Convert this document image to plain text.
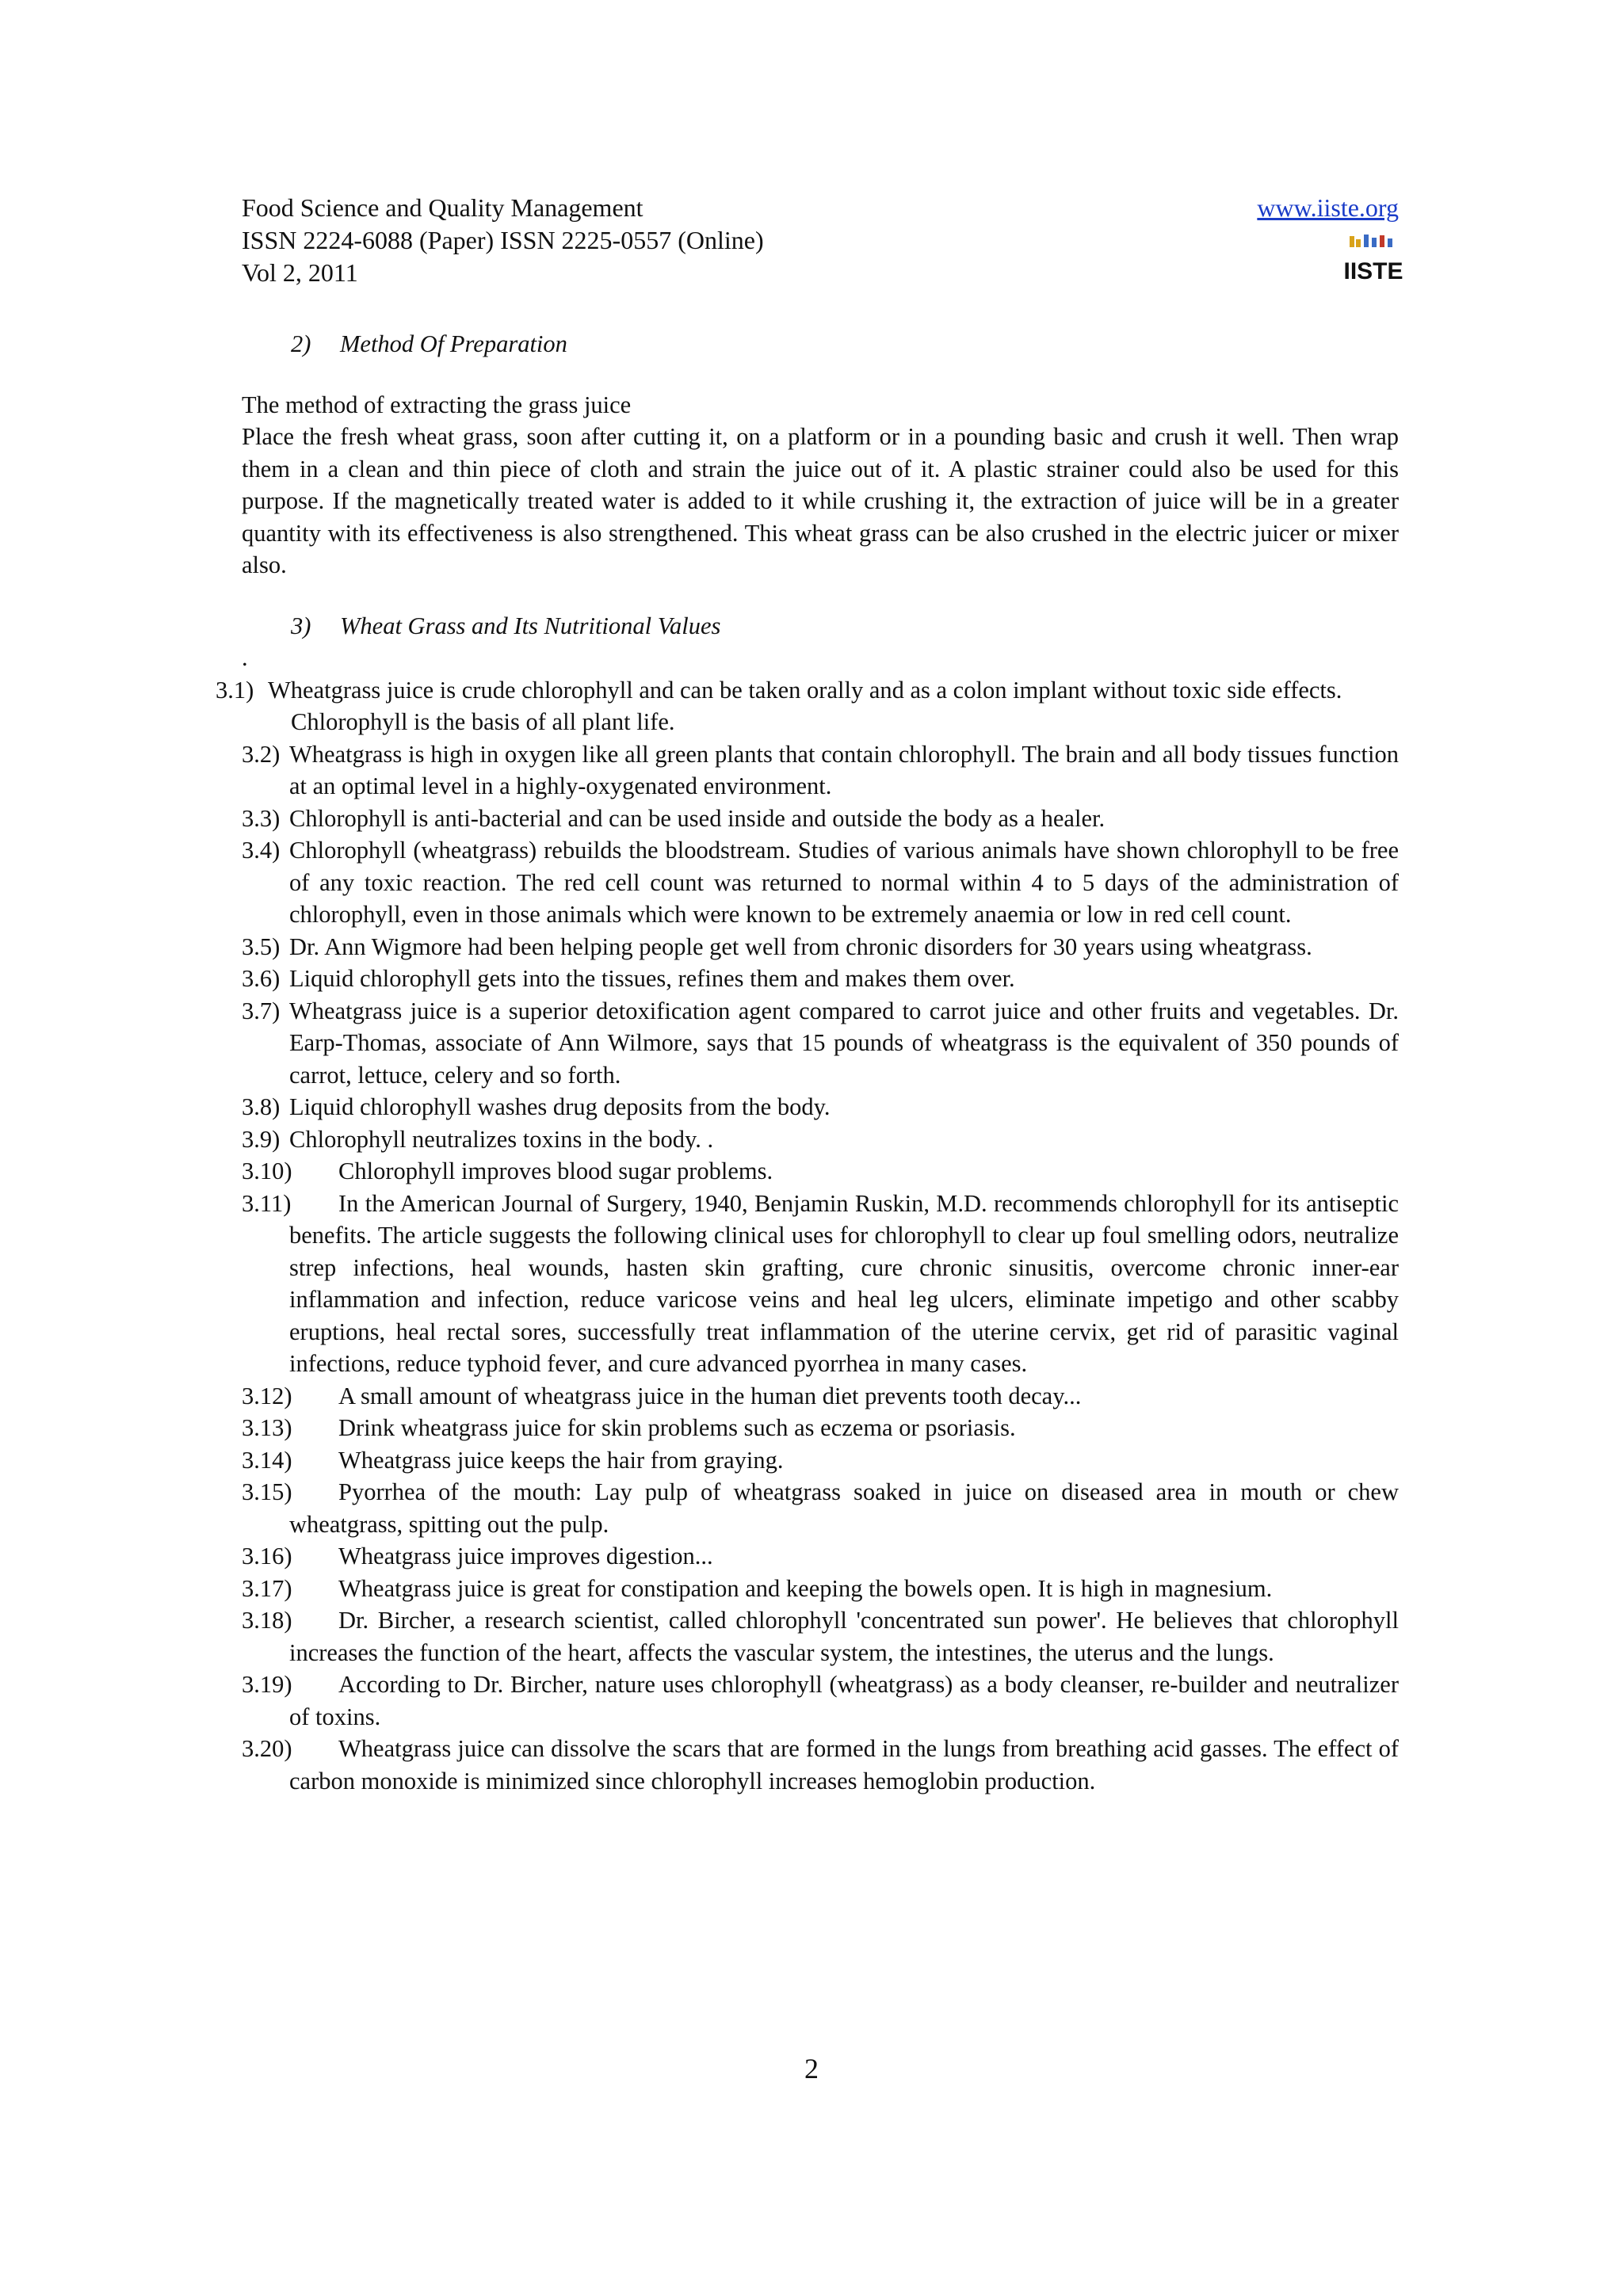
Food Science and Quality Management
ISSN 2224-6088 (Paper) ISSN 2225-0557 (Online)
Vol 2, 2011
www.iiste.org
IISTE
2) Method Of Preparation
The method of extracting the grass juice
Place the fresh wheat grass, soon after cutting it, on a platform or in a pounding basic and crush it well. Then wrap them in a clean and thin piece of cloth and strain the juice out of it. A plastic strainer could also be used for this purpose. If the magnetically treated water is added to it while crushing it, the extraction of juice will be in a greater quantity with its effectiveness is also strengthened. This wheat grass can be also crushed in the electric juicer or mixer also.
3) Wheat Grass and Its Nutritional Values
.
3.1) Wheatgrass juice is crude chlorophyll and can be taken orally and as a colon implant without toxic side effects.
Chlorophyll is the basis of all plant life.
3.2) Wheatgrass is high in oxygen like all green plants that contain chlorophyll. The brain and all body tissues function at an optimal level in a highly-oxygenated environment.
3.3) Chlorophyll is anti-bacterial and can be used inside and outside the body as a healer.
3.4) Chlorophyll (wheatgrass) rebuilds the bloodstream. Studies of various animals have shown chlorophyll to be free of any toxic reaction. The red cell count was returned to normal within 4 to 5 days of the administration of chlorophyll, even in those animals which were known to be extremely anaemia or low in red cell count.
3.5) Dr. Ann Wigmore had been helping people get well from chronic disorders for 30 years using wheatgrass.
3.6) Liquid chlorophyll gets into the tissues, refines them and makes them over.
3.7) Wheatgrass juice is a superior detoxification agent compared to carrot juice and other fruits and vegetables. Dr. Earp-Thomas, associate of Ann Wilmore, says that 15 pounds of wheatgrass is the equivalent of 350 pounds of carrot, lettuce, celery and so forth.
3.8) Liquid chlorophyll washes drug deposits from the body.
3.9) Chlorophyll neutralizes toxins in the body. .
3.10)	Chlorophyll improves blood sugar problems.
3.11)	In the American Journal of Surgery, 1940, Benjamin Ruskin, M.D. recommends chlorophyll for its antiseptic benefits. The article suggests the following clinical uses for chlorophyll to clear up foul smelling odors, neutralize strep infections, heal wounds, hasten skin grafting, cure chronic sinusitis, overcome chronic inner-ear inflammation and infection, reduce varicose veins and heal leg ulcers, eliminate impetigo and other scabby eruptions, heal rectal sores, successfully treat inflammation of the uterine cervix, get rid of parasitic vaginal infections, reduce typhoid fever, and cure advanced pyorrhea in many cases.
3.12)	A small amount of wheatgrass juice in the human diet prevents tooth decay...
3.13)	Drink wheatgrass juice for skin problems such as eczema or psoriasis.
3.14)	Wheatgrass juice keeps the hair from graying.
3.15)	Pyorrhea of the mouth: Lay pulp of wheatgrass soaked in juice on diseased area in mouth or chew wheatgrass, spitting out the pulp.
3.16)	Wheatgrass juice improves digestion...
3.17)	Wheatgrass juice is great for constipation and keeping the bowels open. It is high in magnesium.
3.18)	Dr. Bircher, a research scientist, called chlorophyll 'concentrated sun power'. He believes that chlorophyll increases the function of the heart, affects the vascular system, the intestines, the uterus and the lungs.
3.19)	According to Dr. Bircher, nature uses chlorophyll (wheatgrass) as a body cleanser, re-builder and neutralizer of toxins.
3.20)	Wheatgrass juice can dissolve the scars that are formed in the lungs from breathing acid gasses. The effect of carbon monoxide is minimized since chlorophyll increases hemoglobin production.
2
